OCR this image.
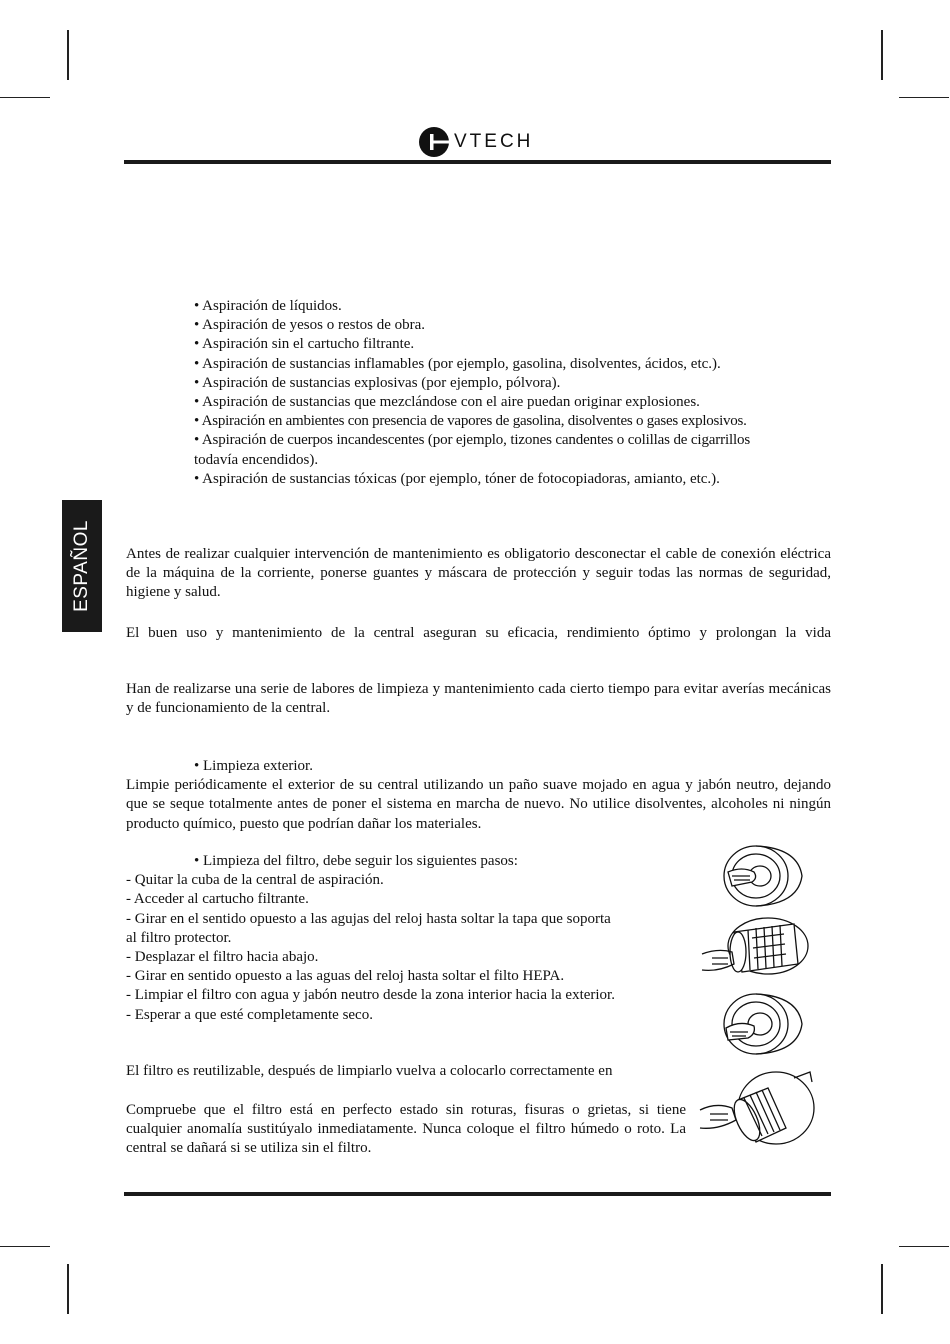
VTECH
ESPAÑOL
• Aspiración de líquidos.
• Aspiración de yesos o restos de obra.
• Aspiración sin el cartucho filtrante.
• Aspiración de sustancias inflamables (por ejemplo, gasolina, disolventes, ácidos, etc.).
• Aspiración de sustancias explosivas (por ejemplo, pólvora).
• Aspiración de sustancias que mezclándose con el aire puedan originar explosiones.
• Aspiración en ambientes con presencia de vapores de gasolina, disolventes o gases explosivos.
• Aspiración de cuerpos incandescentes (por ejemplo, tizones candentes o colillas de cigarrillos
todavía encendidos).
• Aspiración de sustancias tóxicas (por ejemplo, tóner de fotocopiadoras, amianto, etc.).
Antes de realizar cualquier intervención de mantenimiento es obligatorio desconectar el cable de conexión eléctrica de la máquina de la corriente, ponerse guantes y máscara de protección y seguir todas las normas de seguridad, higiene y salud.
El buen uso y mantenimiento de la central aseguran su eficacia, rendimiento óptimo y prolongan la vida
Han de realizarse una serie de labores de limpieza y mantenimiento cada cierto tiempo para evitar averías mecánicas y de funcionamiento de la central.
• Limpieza exterior.
Limpie periódicamente el exterior de su central utilizando un paño suave mojado en agua y jabón neutro, dejando que se seque totalmente antes de poner el sistema en marcha de nuevo. No utilice disolventes, alcoholes ni ningún producto químico, puesto que podrían dañar los materiales.
• Limpieza del filtro, debe seguir los siguientes pasos:
- Quitar la cuba de la central de aspiración.
- Acceder al cartucho filtrante.
- Girar en el sentido opuesto a las agujas del reloj hasta soltar la tapa que soporta
al filtro protector.
- Desplazar el filtro hacia abajo.
- Girar en sentido opuesto a las aguas del reloj hasta soltar el filto HEPA.
- Limpiar el filtro con agua y jabón neutro desde la zona interior hacia la exterior.
- Esperar a que esté completamente seco.
El filtro es reutilizable, después de limpiarlo vuelva a colocarlo correctamente en
Compruebe que el filtro está en perfecto estado sin roturas, fisuras o grietas, si tiene cualquier anomalía sustitúyalo inmediatamente. Nunca coloque el filtro húmedo o roto. La central se dañará si se utiliza sin el filtro.
